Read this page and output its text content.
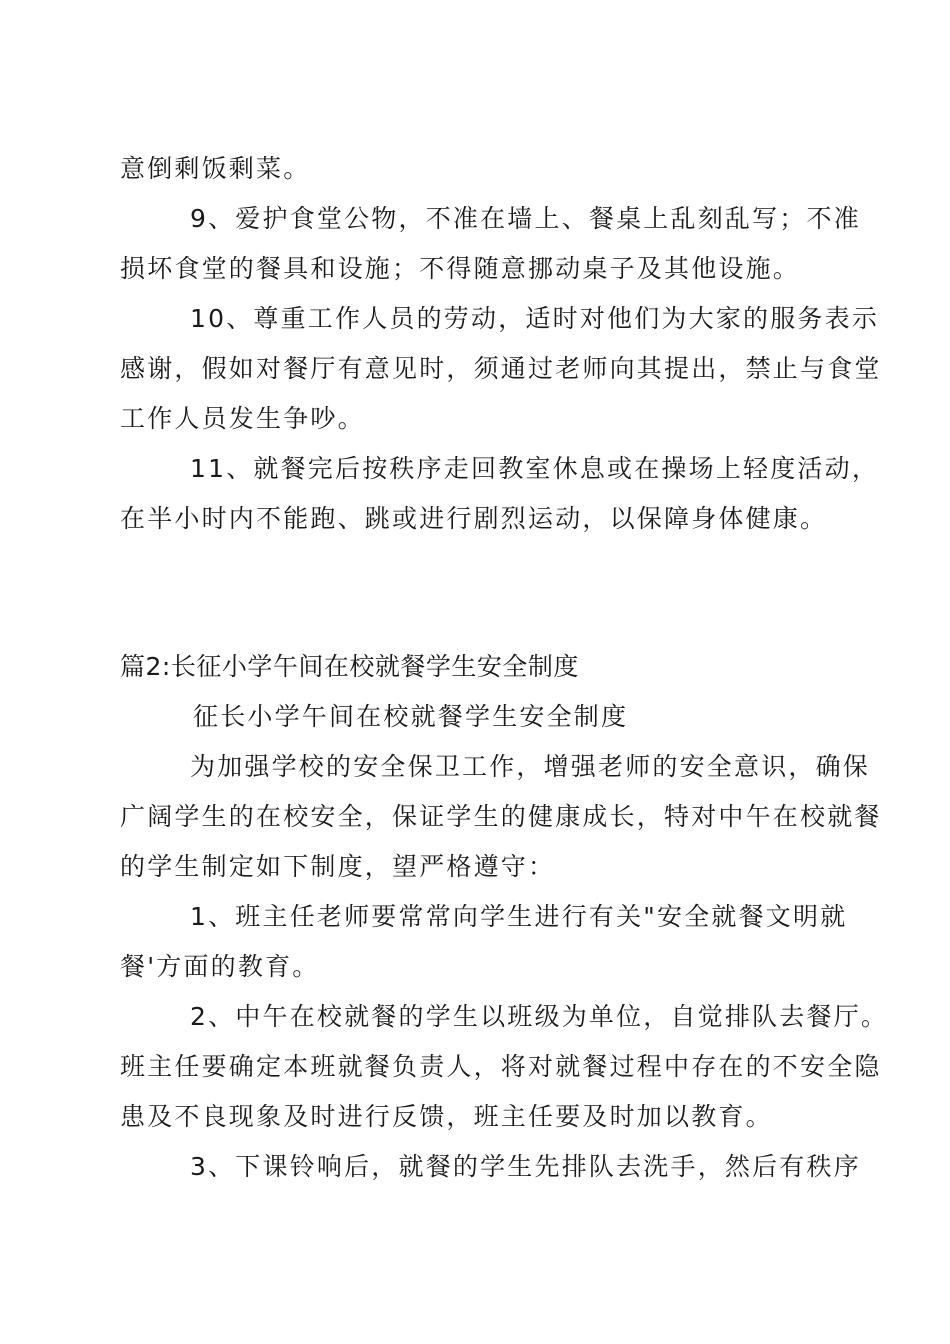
意倒剩饭剩菜。
9、爱护食堂公物，不准在墙上、餐桌上乱刻乱写；不准
损坏食堂的餐具和设施；不得随意挪动桌子及其他设施。
10、尊重工作人员的劳动，适时对他们为大家的服务表示
感谢，假如对餐厅有意见时，须通过老师向其提出，禁止与食堂
工作人员发生争吵。
11、就餐完后按秩序走回教室休息或在操场上轻度活动，
在半小时内不能跑、跳或进行剧烈运动，以保障身体健康。
篇2:长征小学午间在校就餐学生安全制度
征长小学午间在校就餐学生安全制度
为加强学校的安全保卫工作，增强老师的安全意识，确保
广阔学生的在校安全，保证学生的健康成长，特对中午在校就餐
的学生制定如下制度，望严格遵守：
1、班主任老师要常常向学生进行有关"安全就餐文明就
餐'方面的教育。
2、中午在校就餐的学生以班级为单位，自觉排队去餐厅。
班主任要确定本班就餐负责人，将对就餐过程中存在的不安全隐
患及不良现象及时进行反馈，班主任要及时加以教育。
3、下课铃响后，就餐的学生先排队去洗手，然后有秩序
